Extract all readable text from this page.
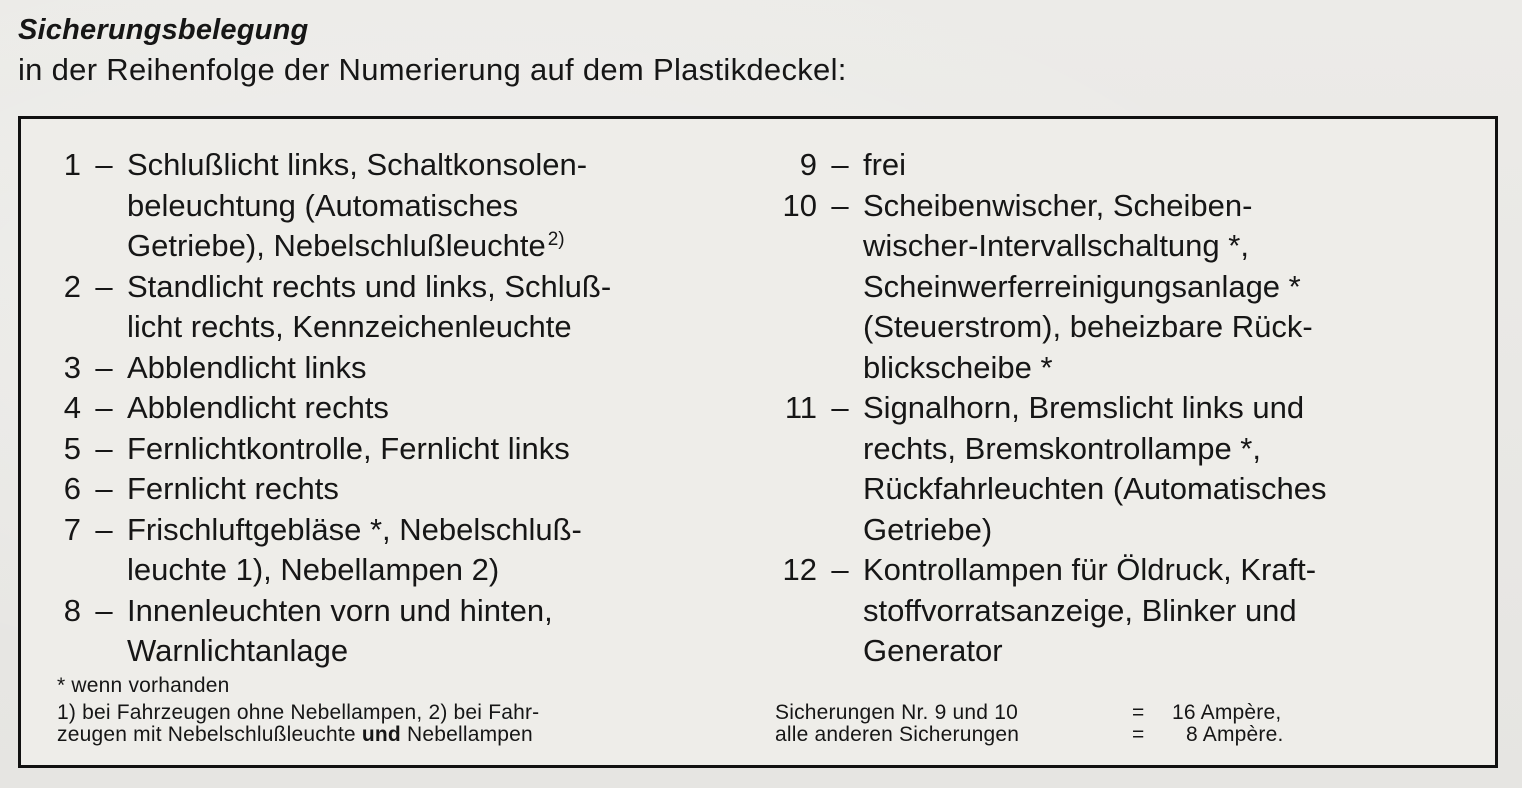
Sicherungsbelegung
in der Reihenfolge der Numerierung auf dem Plastikdeckel:
1 – Schlußlicht links, Schaltkonsolen-
beleuchtung (Automatisches
Getriebe), Nebelschlußleuchte $^{2)}$
2 – Standlicht rechts und links, Schluß-
licht rechts, Kennzeichenleuchte
3 – Abblendlicht links
4 – Abblendlicht rechts
5 – Fernlichtkontrolle, Fernlicht links
6 – Fernlicht rechts
7 – Frischluftgebläse *, Nebelschluß-
leuchte 1), Nebellampen 2)
8 – Innenleuchten vorn und hinten,
Warnlichtanlage
9 – frei
10 – Scheibenwischer, Scheiben-
wischer-Intervallschaltung *,
Scheinwerferreinigungsanlage *
(Steuerstrom), beheizbare Rück-
blickscheibe *
11 – Signalhorn, Bremslicht links und
rechts, Bremskontrollampe *,
Rückfahrleuchten (Automatisches
Getriebe)
12 – Kontrollampen für Öldruck, Kraft-
stoffvorratsanzeige, Blinker und
Generator
* wenn vorhanden
1) bei Fahrzeugen ohne Nebellampen, 2) bei Fahr-
zeugen mit Nebelschlußleuchte und Nebellampen
Sicherungen Nr. 9 und 10	=	16 Ampère,
alle anderen Sicherungen	=	8 Ampère.
